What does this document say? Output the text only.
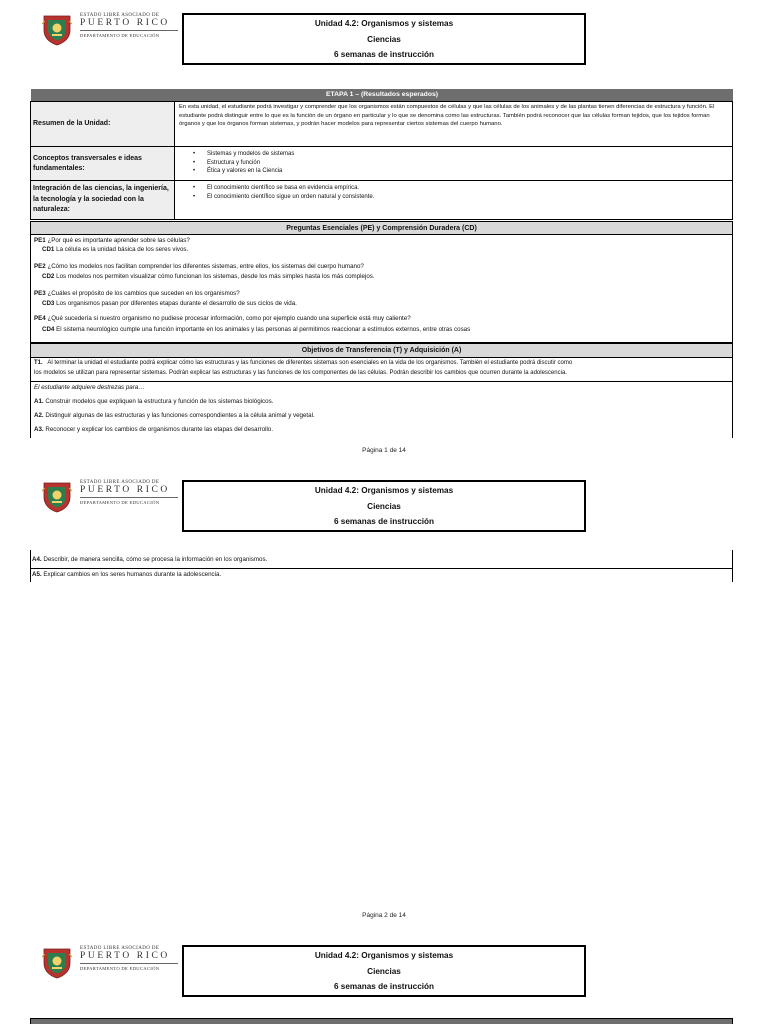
ESTADO LIBRE ASOCIADO DE
PUERTO RICO
DEPARTAMENTO DE EDUCACIÓN
Unidad 4.2: Organismos y sistemas
Ciencias
6 semanas de instrucción
ETAPA 1 – (Resultados esperados)
Resumen de la Unidad:
En esta unidad, el estudiante podrá investigar y comprender que los organismos están compuestos de células y que las células de los animales y de las plantas tienen diferencias de estructura y función. El estudiante podrá distinguir entre lo que es la función de un órgano en particular y lo que se denomina como las estructuras. También podrá reconocer que las células forman tejidos, que los tejidos forman órganos y que los órganos forman sistemas, y podrán hacer modelos para representar ciertos sistemas del cuerpo humano.
Conceptos transversales e ideas fundamentales:
• Sistemas y modelos de sistemas
• Estructura y función
• Ética y valores en la Ciencia
Integración de las ciencias, la ingeniería, la tecnología y la sociedad con la naturaleza:
• El conocimiento científico se basa en evidencia empírica.
• El conocimiento científico sigue un orden natural y consistente.
Preguntas Esenciales (PE) y Comprensión Duradera (CD)
PE1 ¿Por qué es importante aprender sobre las células?
CD1 La célula es la unidad básica de los seres vivos.
PE2 ¿Cómo los modelos nos facilitan comprender los diferentes sistemas, entre ellos, los sistemas del cuerpo humano?
CD2 Los modelos nos permiten visualizar cómo funcionan los sistemas, desde los más simples hasta los más complejos.
PE3 ¿Cuáles el propósito de los cambios que suceden en los organismos?
CD3 Los organismos pasan por diferentes etapas durante el desarrollo de sus ciclos de vida.
PE4 ¿Qué sucedería si nuestro organismo no pudiese procesar información, como por ejemplo cuando una superficie está muy caliente?
CD4 El sistema neurológico cumple una función importante en los animales y las personas al permitirnos reaccionar a estímulos externos, entre otras cosas
Objetivos de Transferencia (T) y Adquisición (A)
T1. Al terminar la unidad el estudiante podrá explicar cómo las estructuras y las funciones de diferentes sistemas son esenciales en la vida de los organismos. También el estudiante podrá discutir como
los modelos se utilizan para representar sistemas. Podrán explicar las estructuras y las funciones de los componentes de las células. Podrán describir los cambios que ocurren durante la adolescencia.
El estudiante adquiere destrezas para…
A1. Construir modelos que expliquen la estructura y función de los sistemas biológicos.
A2. Distinguir algunas de las estructuras y las funciones correspondientes a la célula animal y vegetal.
A3. Reconocer y explicar los cambios de organismos durante las etapas del desarrollo.
Página 1 de 14
ESTADO LIBRE ASOCIADO DE
PUERTO RICO
DEPARTAMENTO DE EDUCACIÓN
Unidad 4.2: Organismos y sistemas
Ciencias
6 semanas de instrucción
A4. Describir, de manera sencilla, cómo se procesa la información en los organismos.
A5. Explicar cambios en los seres humanos durante la adolescencia.
Página 2 de 14
ESTADO LIBRE ASOCIADO DE
PUERTO RICO
DEPARTAMENTO DE EDUCACIÓN
Unidad 4.2: Organismos y sistemas
Ciencias
6 semanas de instrucción
